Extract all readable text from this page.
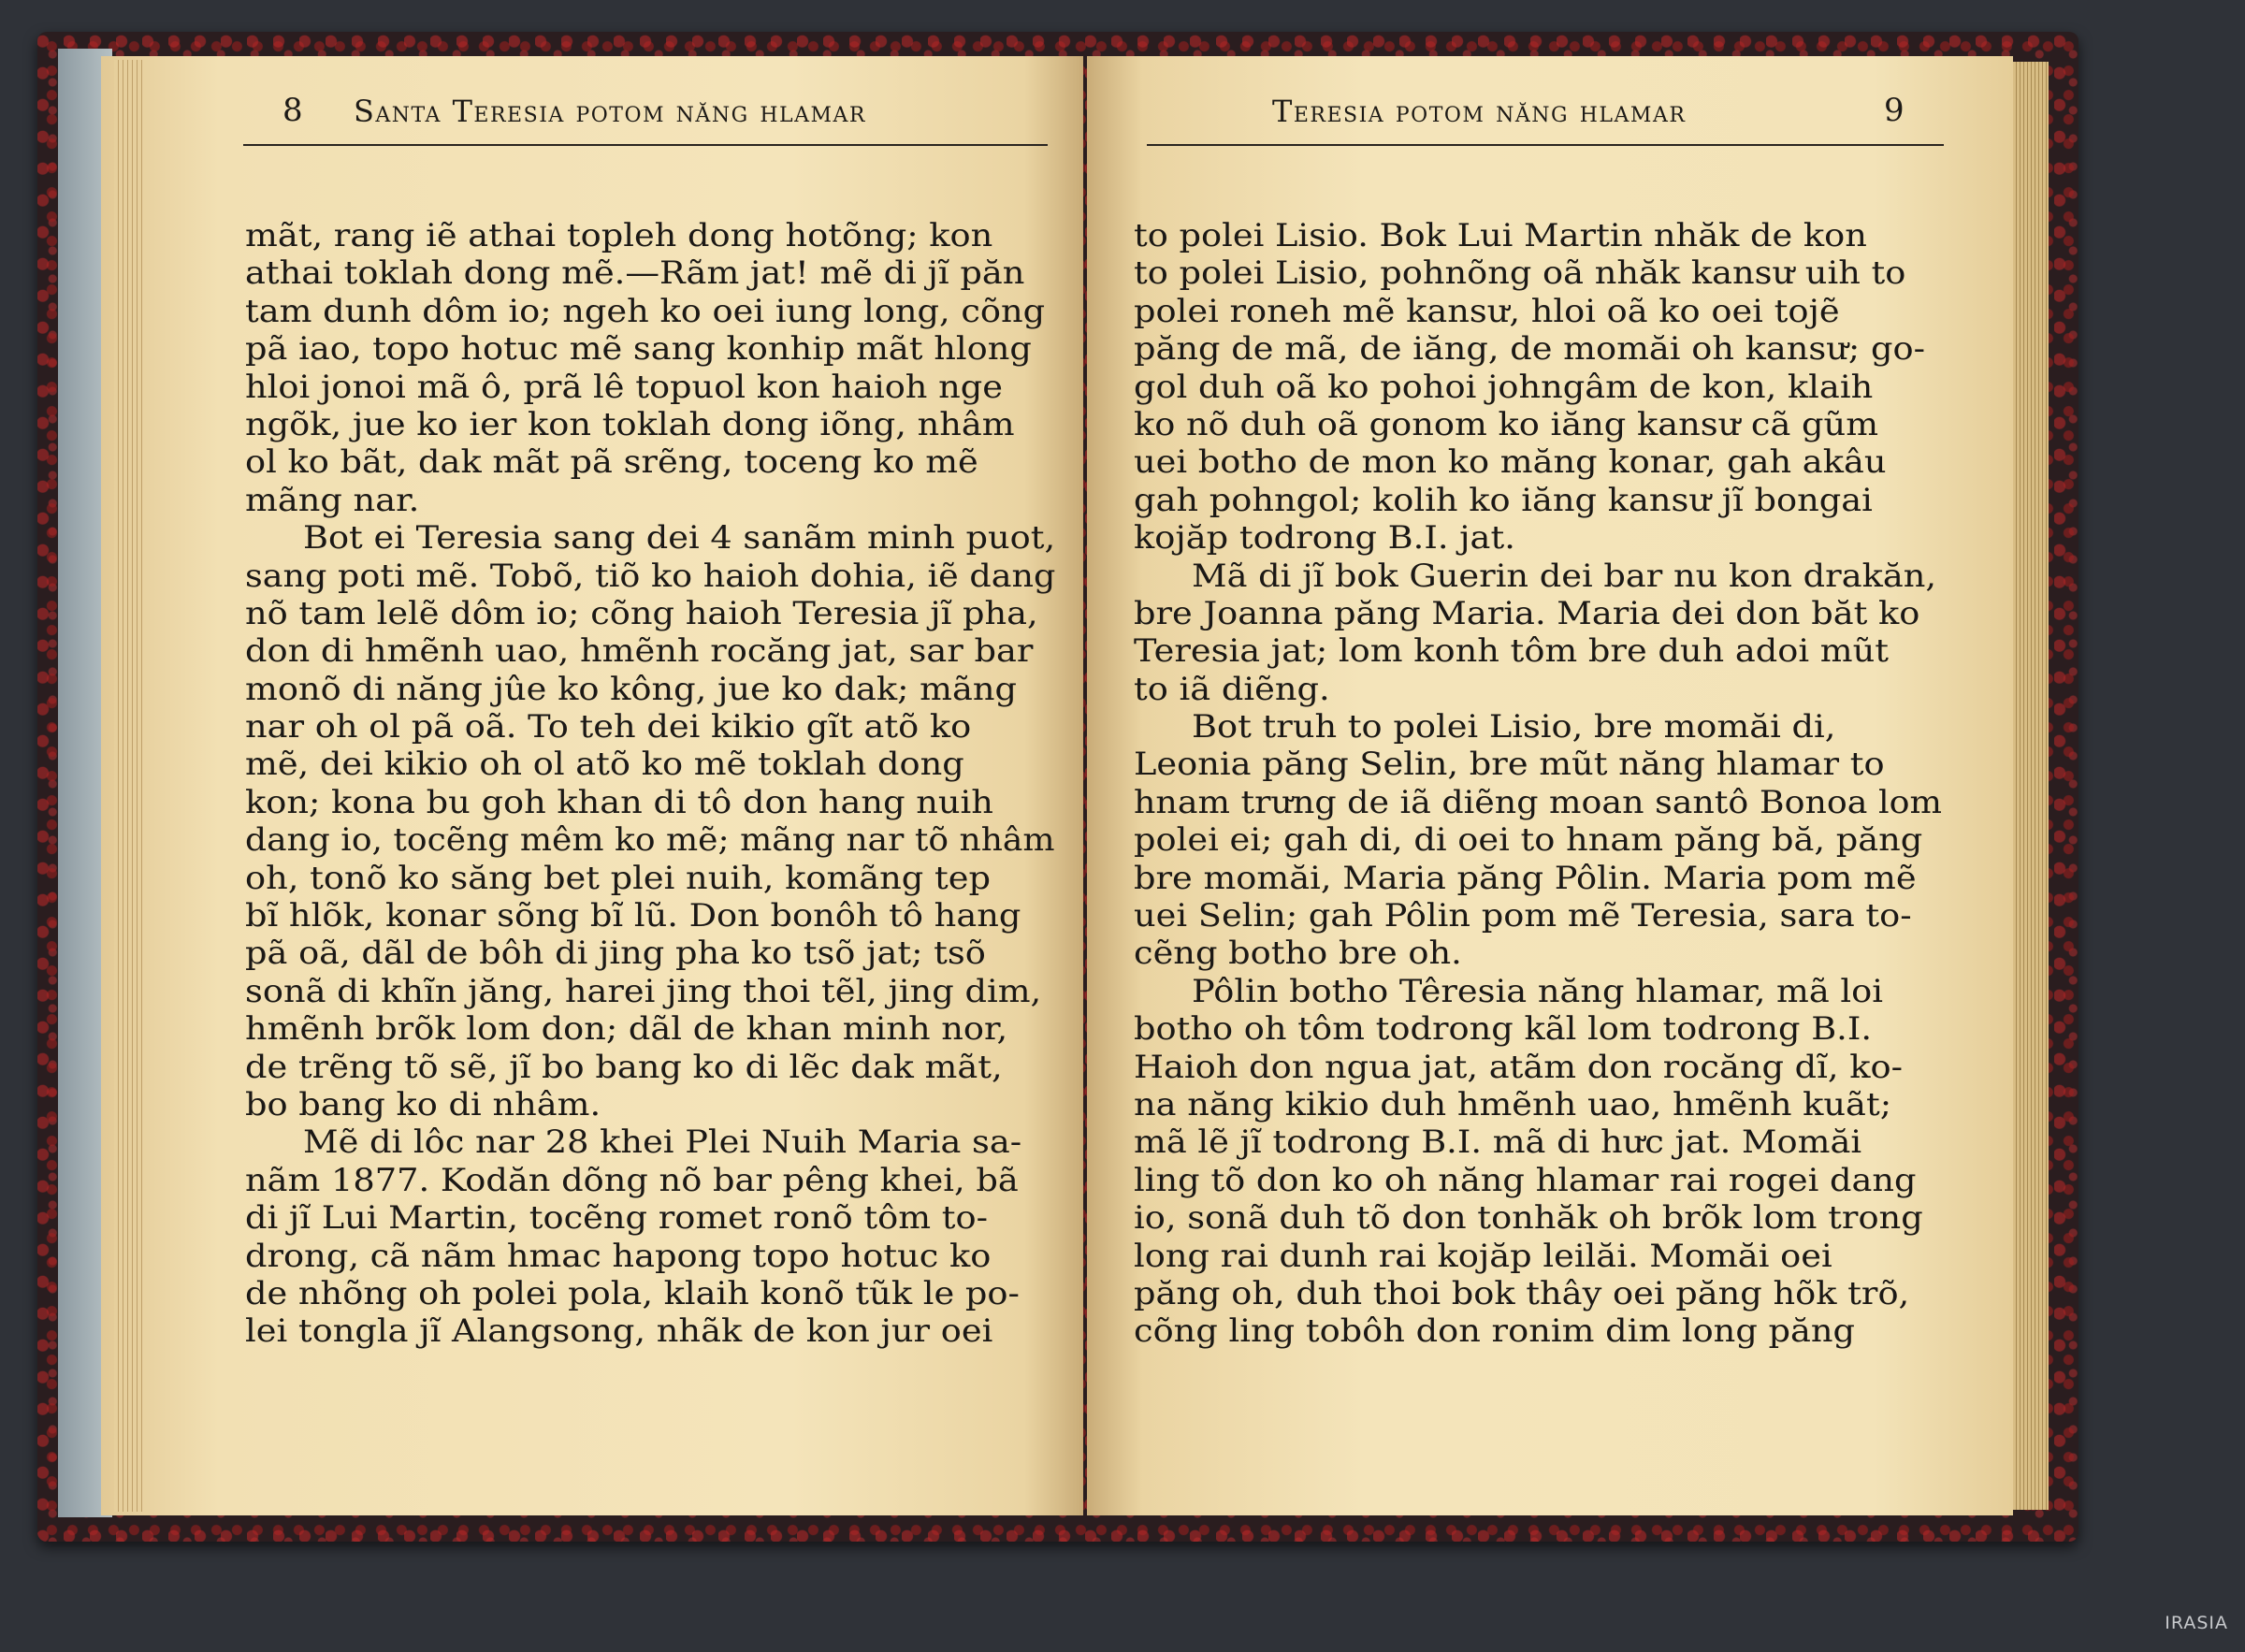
8 Santa Teresia potom năng hlamar	Teresia potom năng hlamar	9
mãt, rang iẽ athai topleh dong hotõng; kon
athai toklah dong mẽ.—Rãm jat! mẽ di jĩ păn
tam dunh dôm io; ngeh ko oei iung long, cõng
pã iao, topo hotuc mẽ sang konhip mãt hlong
hloi jonoi mã ô, prã lê topuol kon haioh nge
ngõk, jue ko ier kon toklah dong iõng, nhâm
ol ko bãt, dak mãt pã srẽng, toceng ko mẽ
mãng nar.
Bot ei Teresia sang dei 4 sanãm minh puot,
sang poti mẽ. Tobõ, tiõ ko haioh dohia, iẽ dang
nõ tam lelẽ dôm io; cõng haioh Teresia jĩ pha,
don di hmẽnh uao, hmẽnh rocăng jat, sar bar
monõ di năng jûe ko kông, jue ko dak; mãng
nar oh ol pã oã. To teh dei kikio gĩt atõ ko
mẽ, dei kikio oh ol atõ ko mẽ toklah dong
kon; kona bu goh khan di tô don hang nuih
dang io, tocẽng mêm ko mẽ; mãng nar tõ nhâm
oh, tonõ ko săng bet plei nuih, komãng tep
bĩ hlõk, konar sõng bĩ lũ. Don bonôh tô hang
pã oã, dãl de bôh di jing pha ko tsõ jat; tsõ
sonã di khĩn jăng, harei jing thoi tẽl, jing dim,
hmẽnh brõk lom don; dãl de khan minh nor,
de trẽng tõ sẽ, jĩ bo bang ko di lẽc dak mãt,
bo bang ko di nhâm.
Mẽ di lôc nar 28 khei Plei Nuih Maria sa-
nãm 1877. Kodăn dõng nõ bar pêng khei, bã
di jĩ Lui Martin, tocẽng romet ronõ tôm to-
drong, cã nãm hmac hapong topo hotuc ko
de nhõng oh polei pola, klaih konõ tũk le po-
lei tongla jĩ Alangsong, nhãk de kon jur oei
to polei Lisio. Bok Lui Martin nhăk de kon
to polei Lisio, pohnõng oã nhăk kansư uih to
polei roneh mẽ kansư, hloi oã ko oei tojẽ
păng de mã, de iăng, de momăi oh kansư; go-
gol duh oã ko pohoi johngâm de kon, klaih
ko nõ duh oã gonom ko iăng kansư cã gũm
uei botho de mon ko măng konar, gah akâu
gah pohngol; kolih ko iăng kansư jĩ bongai
kojăp todrong B.I. jat.
Mã di jĩ bok Guerin dei bar nu kon drakăn,
bre Joanna păng Maria. Maria dei don băt ko
Teresia jat; lom konh tôm bre duh adoi mũt
to iã diẽng.
Bot truh to polei Lisio, bre momăi di,
Leonia păng Selin, bre mũt năng hlamar to
hnam trưng de iã diẽng moan santô Bonoa lom
polei ei; gah di, di oei to hnam păng bă, păng
bre momăi, Maria păng Pôlin. Maria pom mẽ
uei Selin; gah Pôlin pom mẽ Teresia, sara to-
cẽng botho bre oh.
Pôlin botho Têresia năng hlamar, mã loi
botho oh tôm todrong kãl lom todrong B.I.
Haioh don ngua jat, atãm don rocăng dĩ, ko-
na năng kikio duh hmẽnh uao, hmẽnh kuãt;
mã lẽ jĩ todrong B.I. mã di hưc jat. Momăi
ling tõ don ko oh năng hlamar rai rogei dang
io, sonã duh tõ don tonhăk oh brõk lom trong
long rai dunh rai kojăp leilăi. Momăi oei
păng oh, duh thoi bok thây oei păng hõk trõ,
cõng ling tobôh don ronim dim long păng
IRASIA
